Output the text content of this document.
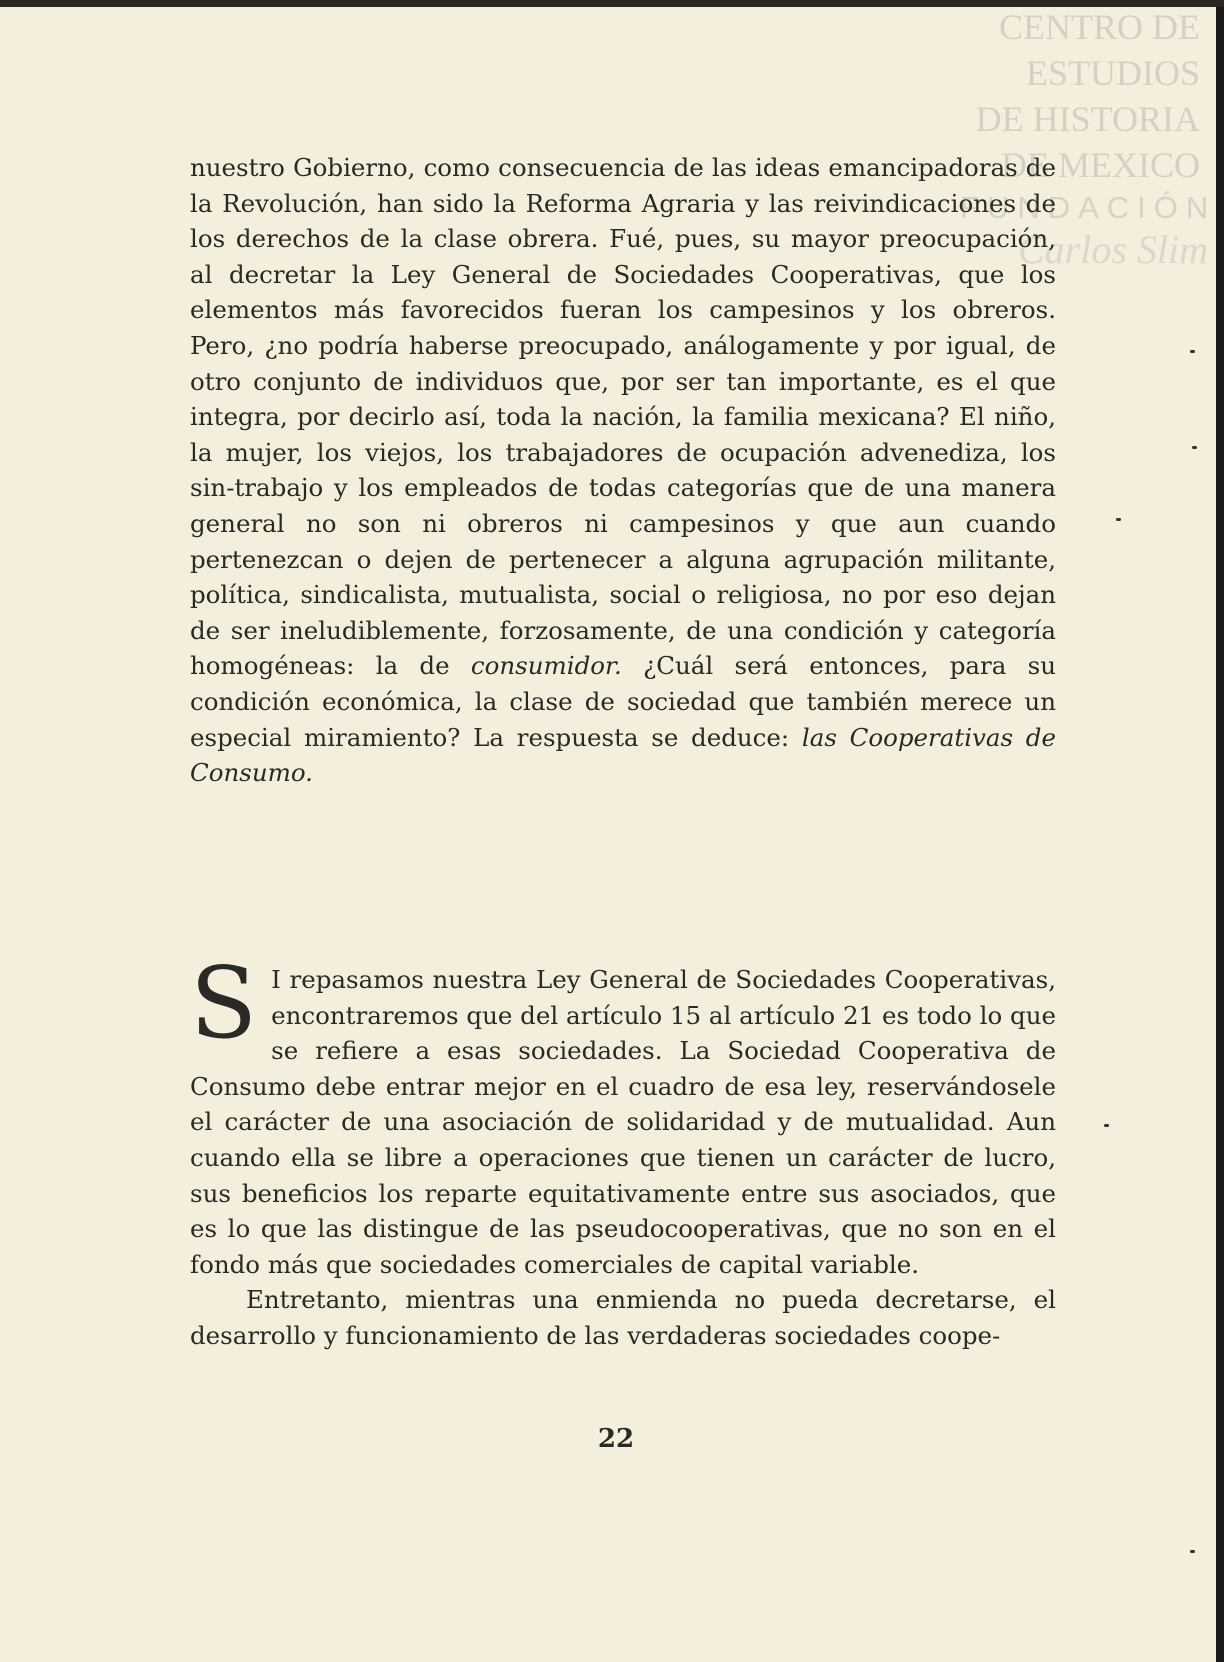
CENTRO DE
ESTUDIOS
DE HISTORIA
DE MEXICO
FUNDACIÓN
Carlos Slim

nuestro Gobierno, como consecuencia de las ideas emancipadoras de la Revolución, han sido la Reforma Agraria y las reivindicaciones de los derechos de la clase obrera. Fué, pues, su mayor preocupación, al decretar la Ley General de Sociedades Cooperativas, que los elementos más favorecidos fueran los campesinos y los obreros. Pero, ¿no podría haberse preocupado, análogamente y por igual, de otro conjunto de individuos que, por ser tan importante, es el que integra, por decirlo así, toda la nación, la familia mexicana? El niño, la mujer, los viejos, los trabajadores de ocupación advenediza, los sin-trabajo y los empleados de todas categorías que de una manera general no son ni obreros ni campesinos y que aun cuando pertenezcan o dejen de pertenecer a alguna agrupación militante, política, sindicalista, mutualista, social o religiosa, no por eso dejan de ser ineludiblemente, forzosamente, de una condición y categoría homogéneas: la de consumidor. ¿Cuál será entonces, para su condición económica, la clase de sociedad que también merece un especial miramiento? La respuesta se deduce: las Cooperativas de Consumo.

S I repasamos nuestra Ley General de Sociedades Cooperativas, encontraremos que del artículo 15 al artículo 21 es todo lo que se refiere a esas sociedades. La Sociedad Cooperativa de Consumo debe entrar mejor en el cuadro de esa ley, reservándosele el carácter de una asociación de solidaridad y de mutualidad. Aun cuando ella se libre a operaciones que tienen un carácter de lucro, sus beneficios los reparte equitativamente entre sus asociados, que es lo que las distingue de las pseudocooperativas, que no son en el fondo más que sociedades comerciales de capital variable.

Entretanto, mientras una enmienda no pueda decretarse, el desarrollo y funcionamiento de las verdaderas sociedades coope-

22
